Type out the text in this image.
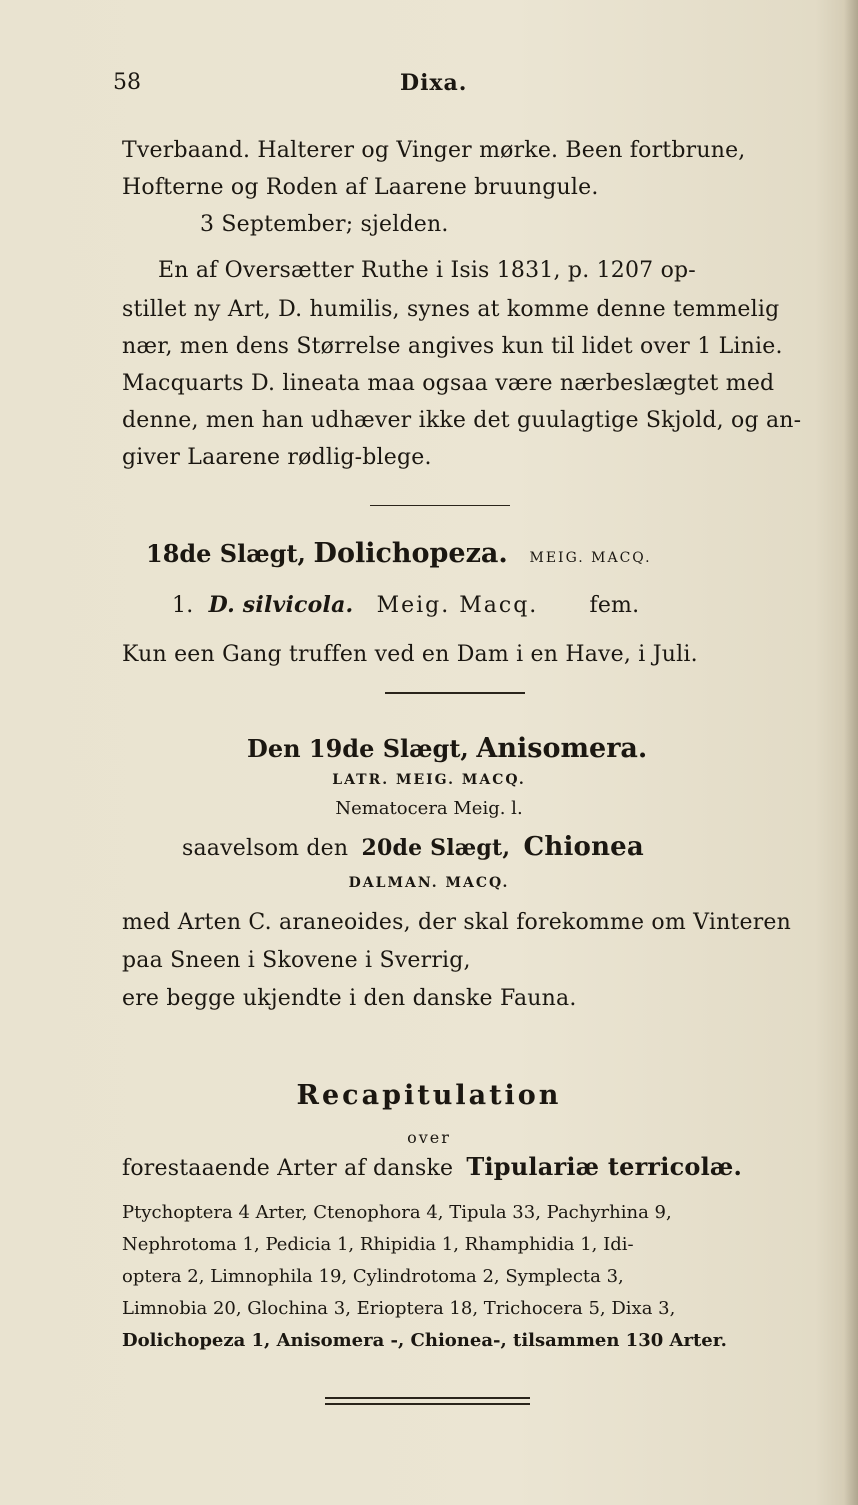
58	Dixa.
Tverbaand. Halterer og Vinger mørke. Been fortbrune,
Hofterne og Roden af Laarene bruungule.
3 September; sjelden.
En af Oversætter Ruthe i Isis 1831, p. 1207 op-
stillet ny Art, D. humilis, synes at komme denne temmelig
nær, men dens Størrelse angives kun til lidet over 1 Linie.
Macquarts D. lineata maa ogsaa være nærbeslægtet med
denne, men han udhæver ikke det guulagtige Skjold, og an-
giver Laarene rødlig-blege.
18de Slægt, Dolichopeza. MEIG. MACQ.
1. D. silvicola. Meig. Macq. fem.
Kun een Gang truffen ved en Dam i en Have, i Juli.
Den 19de Slægt, Anisomera.
LATR. MEIG. MACQ.
Nematocera Meig. l.
saavelsom den 20de Slægt, Chionea
DALMAN. MACQ.
med Arten C. araneoides, der skal forekomme om Vinteren
paa Sneen i Skovene i Sverrig,
ere begge ukjendte i den danske Fauna.
Recapitulation
over
forestaaende Arter af danske Tipulariæ terricolæ.
Ptychoptera 4 Arter, Ctenophora 4, Tipula 33, Pachyrhina 9,
Nephrotoma 1, Pedicia 1, Rhipidia 1, Rhamphidia 1, Idi-
optera 2, Limnophila 19, Cylindrotoma 2, Symplecta 3,
Limnobia 20, Glochina 3, Erioptera 18, Trichocera 5, Dixa 3,
Dolichopeza 1, Anisomera -, Chionea-, tilsammen 130 Arter.
